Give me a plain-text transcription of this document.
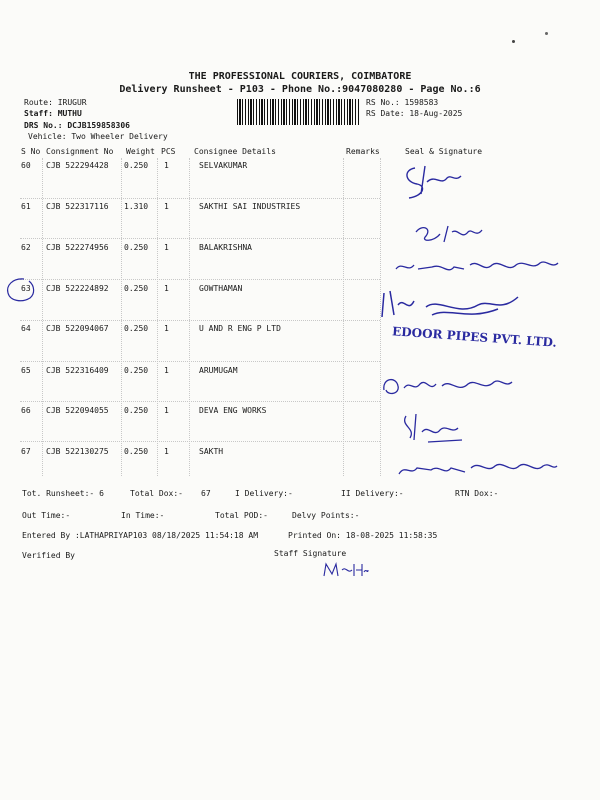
THE PROFESSIONAL COURIERS, COIMBATORE
Delivery Runsheet - P103 - Phone No.:9047080280 - Page No.:6
Route: IRUGUR
Staff: MUTHU
DRS No.: DCJB159858306
Vehicle: Two Wheeler Delivery
RS No.: 1598583
RS Date: 18-Aug-2025
S No Consignment No Weight PCS Consignee Details	Remarks	Seal & Signature
60 CJB 522294428 0.250 1	SELVAKUMAR
61 CJB 522317116 1.310 1	SAKTHI SAI INDUSTRIES
62 CJB 522274956 0.250 1	BALAKRISHNA
63 CJB 522224892 0.250 1	GOWTHAMAN
64 CJB 522094067 0.250 1	U AND R ENG P LTD
65 CJB 522316409 0.250 1	ARUMUGAM
66 CJB 522094055 0.250 1	DEVA ENG WORKS
67 CJB 522130275 0.250 1	SAKTH
EDOOR PIPES PVT. LTD.
Tot. Runsheet:- 6	Total Dox:- 67	I Delivery:-	II Delivery:-	RTN Dox:-
Out Time:-	In Time:-	Total POD:-	Delvy Points:-
Entered By :LATHAPRIYAP103 08/18/2025 11:54:18 AM	Printed On: 18-08-2025 11:58:35
Verified By	Staff Signature
